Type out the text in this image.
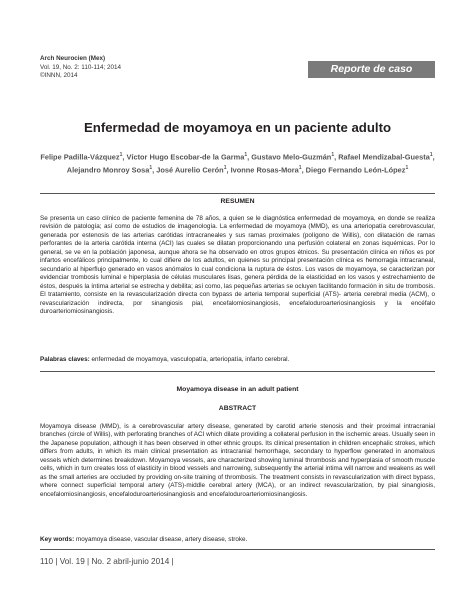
Arch Neurocien (Mex)
Vol. 19, No. 2: 110-114; 2014
©INNN, 2014
Reporte de caso
Enfermedad de moyamoya en un paciente adulto
Felipe Padilla-Vázquez$^1$, Víctor Hugo Escobar-de la Garma$^1$, Gustavo Melo-Guzmán$^1$, Rafael Mendizabal-Guesta$^1$, Alejandro Monroy Sosa$^1$, José Aurelio Cerón$^1$, Ivonne Rosas-Mora$^1$, Diego Fernando León-López$^1$
RESUMEN
Se presenta un caso clínico de paciente femenina de 78 años, a quien se le diagnóstica enfermedad de moyamoya, en donde se realiza revisión de patología; así como de estudios de imagenología. La enfermedad de moyamoya (MMD), es una arteriopatía cerebrovascular, generada por estenosis de las arterias carótidas intracraneales y sus ramas proximales (polígono de Willis), con dilatación de ramas perforantes de la arteria carótida interna (ACI) las cuales se dilatan proporcionando una perfusión colateral en zonas isquémicas. Por lo general, se ve en la población japonesa, aunque ahora se ha observado en otros grupos étnicos. Su presentación clínica en niños es por infartos encefálicos principalmente, lo cual difiere de los adultos, en quienes su principal presentación clínica es hemorragia intracraneal, secundario al hiperflujo generado en vasos anómalos lo cual condiciona la ruptura de éstos. Los vasos de moyamoya, se caracterizan por evidenciar trombosis luminal e hiperplasia de células musculares lisas, genera pérdida de la elasticidad en los vasos y estrechamiento de éstos, después la íntima arterial se estrecha y debilita; así como, las pequeñas arterias se ocluyen facilitando formación in situ de trombosis. El tratamiento, consiste en la revascularización directa con bypass de arteria temporal superficial (ATS)- arteria cerebral media (ACM), o revascularización indirecta, por sinangiosis pial, encefalomiosinangiosis, encefaloduroarteriosinangiosis y la encéfalo duroarteriomiosinangiosis.
Palabras claves: enfermedad de moyamoya, vasculopatía, arteriopatía, infarto cerebral.
Moyamoya disease in an adult patient
ABSTRACT
Moyamoya disease (MMD), is a cerebrovascular artery disease, generated by carotid arterie stenosis and their proximal intracranial branches (circle of Willis), with perforating branches of ACI which dilate providing a collateral perfusion in the ischemic areas. Usually seen in the Japanese population, although it has been observed in other ethnic groups. Its clinical presentation in children encephalic strokes, which differs from adults, in which its main clinical presentation as intracranial hemorrhage, secondary to hyperflow generated in anomalous vessels which determines breakdown. Moyamoya vessels, are characterized showing luminal thrombosis and hyperplasia of smooth muscle cells, which in turn creates loss of elasticity in blood vessels and narrowing, subsequently the arterial intima will narrow and weakens as well as the small arteries are occluded by providing on-site training of thrombosis. The treatment consists in revascularization with direct bypass, where connect superficial temporal artery (ATS)-middle cerebral artery (MCA), or an indirect revascularization, by pial sinangiosis, encefalomiosinangiosis, encefaloduroarteriosinangiosis and encefaloduroarteriomiosinangiosis.
Key words: moyamoya disease, vascular disease, artery disease, stroke.
110 | Vol. 19 | No. 2 abril-junio 2014 |
